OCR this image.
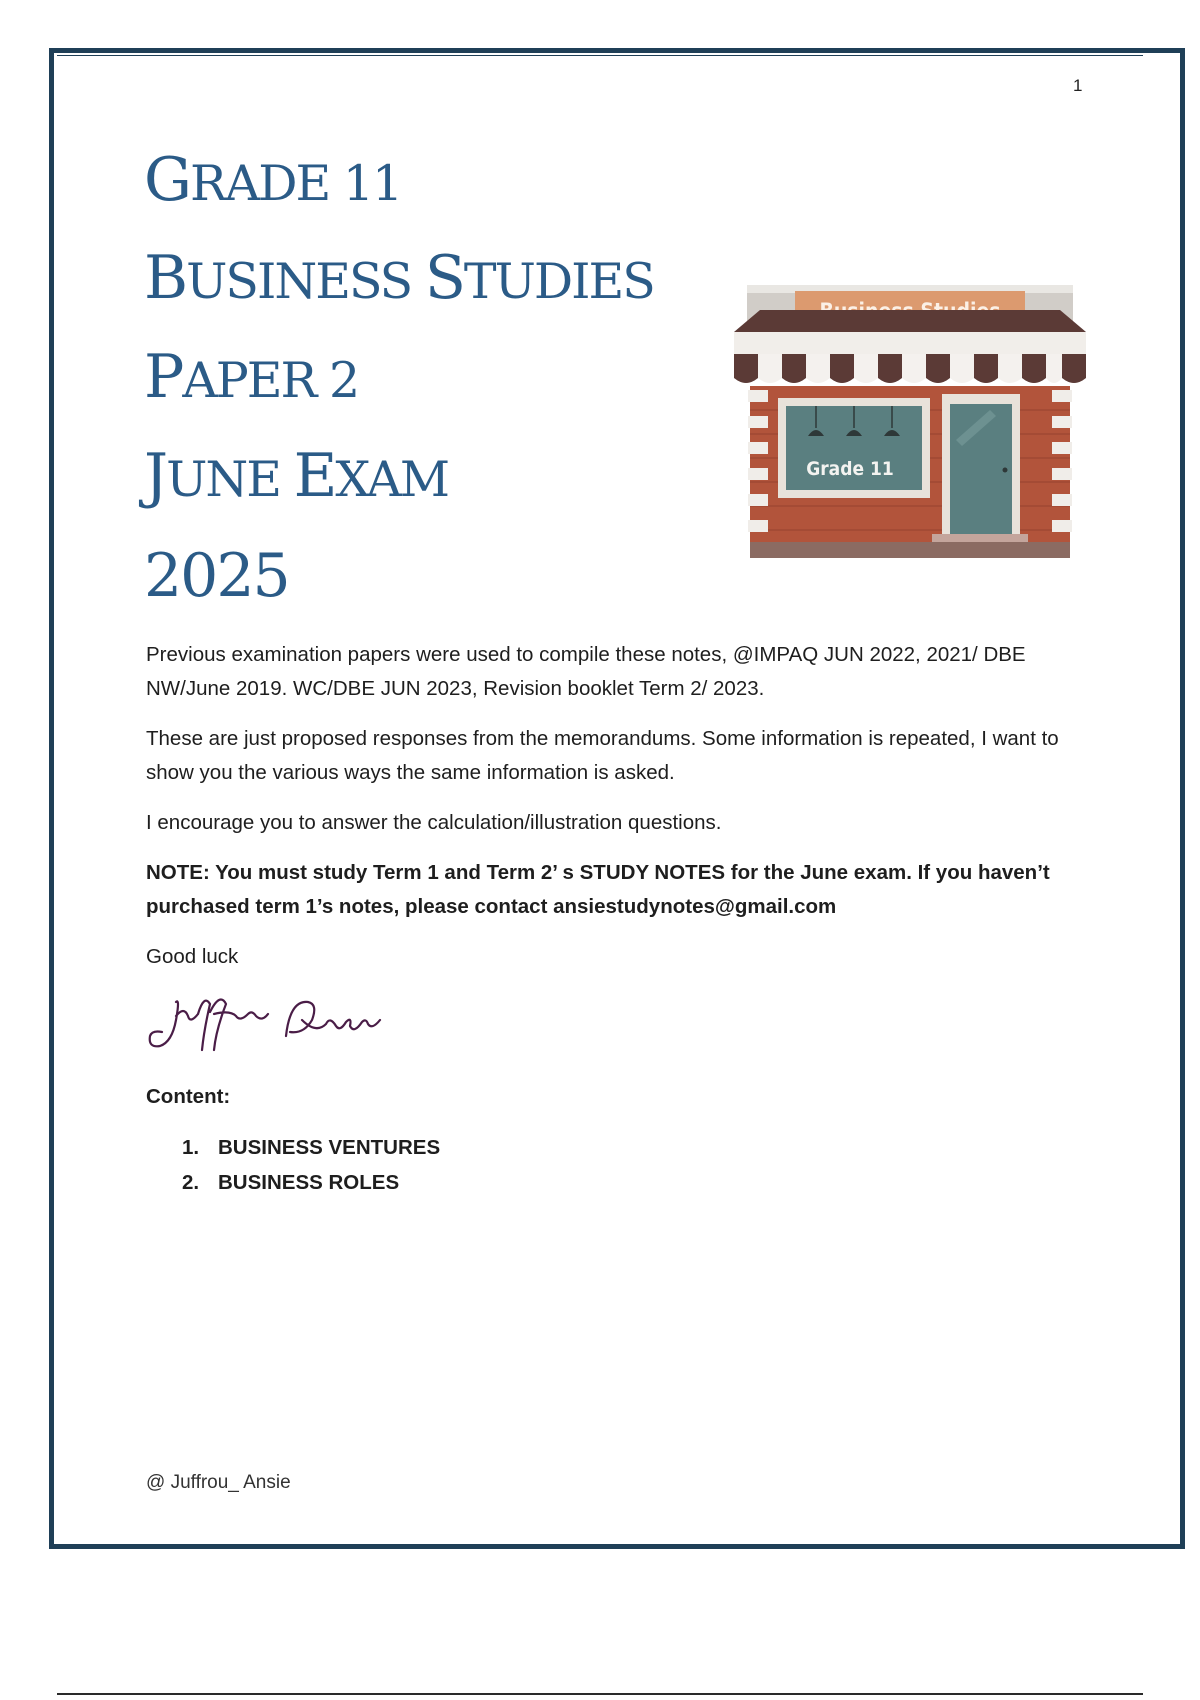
1
GRADE 11
BUSINESS STUDIES
PAPER 2
JUNE EXAM
2025
Grade 11
Previous examination papers were used to compile these notes, @IMPAQ JUN 2022, 2021/ DBE NW/June 2019. WC/DBE JUN 2023, Revision booklet Term 2/ 2023.
These are just proposed responses from the memorandums. Some information is repeated, I want to show you the various ways the same information is asked.
I encourage you to answer the calculation/illustration questions.
NOTE: You must study Term 1 and Term 2’ s STUDY NOTES for the June exam. If you haven’t purchased term 1’s notes, please contact ansiestudynotes@gmail.com
Good luck
Content:
1. BUSINESS VENTURES
2. BUSINESS ROLES
@ Juffrou_ Ansie
